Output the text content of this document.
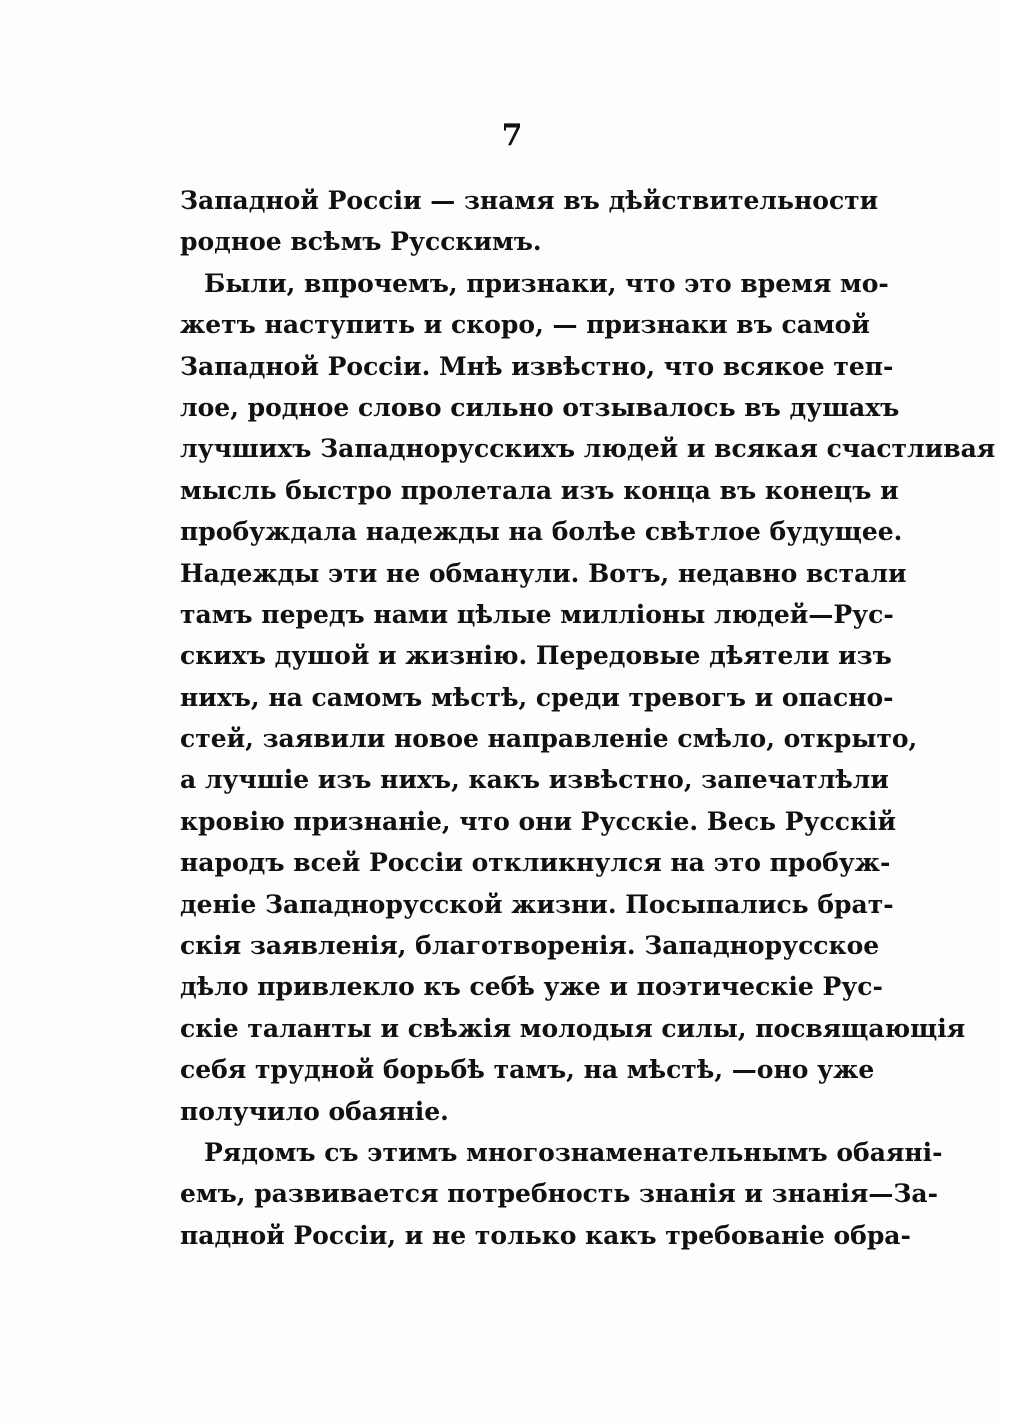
7
Западной Россіи — знамя въ дѣйствительности
родное всѣмъ Русскимъ.
Были, впрочемъ, признаки, что это время мо-
жетъ наступить и скоро, — признаки въ самой
Западной Россіи. Мнѣ извѣстно, что всякое теп-
лое, родное слово сильно отзывалось въ душахъ
лучшихъ Западнорусскихъ людей и всякая счастливая
мысль быстро пролетала изъ конца въ конецъ и
пробуждала надежды на болѣе свѣтлое будущее.
Надежды эти не обманули. Вотъ, недавно встали
тамъ передъ нами цѣлые милліоны людей—Рус-
скихъ душой и жизнію. Передовые дѣятели изъ
нихъ, на самомъ мѣстѣ, среди тревогъ и опасно-
стей, заявили новое направленіе смѣло, открыто,
а лучшіе изъ нихъ, какъ извѣстно, запечатлѣли
кровію признаніе, что они Русскіе. Весь Русскій
народъ всей Россіи откликнулся на это пробуж-
деніе Западнорусской жизни. Посыпались брат-
скія заявленія, благотворенія. Западнорусское
дѣло привлекло къ себѣ уже и поэтическіе Рус-
скіе таланты и свѣжія молодыя силы, посвящающія
себя трудной борьбѣ тамъ, на мѣстѣ, —оно уже
получило обаяніе.
Рядомъ съ этимъ многознаменательнымъ обаяні-
емъ, развивается потребность знанія и знанія—За-
падной Россіи, и не только какъ требованіе обра-
